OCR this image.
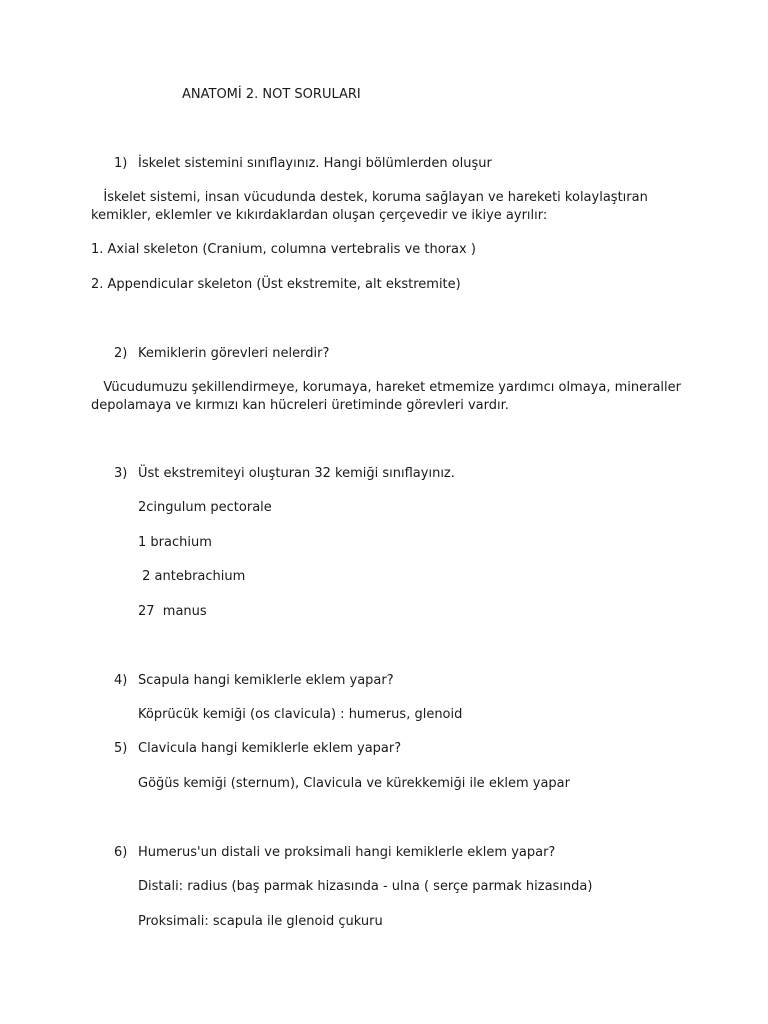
ANATOMİ 2. NOT SORULARI
1) İskelet sistemini sınıflayınız. Hangi bölümlerden oluşur
İskelet sistemi, insan vücudunda destek, koruma sağlayan ve hareketi kolaylaştıran
kemikler, eklemler ve kıkırdaklardan oluşan çerçevedir ve ikiye ayrılır:
1. Axial skeleton (Cranium, columna vertebralis ve thorax )
2. Appendicular skeleton (Üst ekstremite, alt ekstremite)
2) Kemiklerin görevleri nelerdir?
Vücudumuzu şekillendirmeye, korumaya, hareket etmemize yardımcı olmaya, mineraller
depolamaya ve kırmızı kan hücreleri üretiminde görevleri vardır.
3) Üst ekstremiteyi oluşturan 32 kemiği sınıflayınız.
2cingulum pectorale
1 brachium
2 antebrachium
27  manus
4) Scapula hangi kemiklerle eklem yapar?
Köprücük kemiği (os clavicula) : humerus, glenoid
5) Clavicula hangi kemiklerle eklem yapar?
Göğüs kemiği (sternum), Clavicula ve kürekkemiği ile eklem yapar
6) Humerus'un distali ve proksimali hangi kemiklerle eklem yapar?
Distali: radius (baş parmak hizasında - ulna ( serçe parmak hizasında)
Proksimali: scapula ile glenoid çukuru
